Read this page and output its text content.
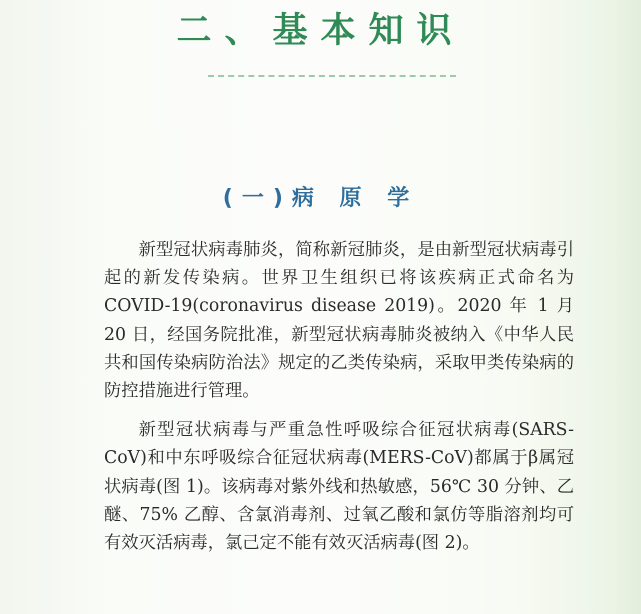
二、基本知识
(一)病 原 学

新型冠状病毒肺炎，简称新冠肺炎，是由新型冠状病毒引起的新发传染病。世界卫生组织已将该疾病正式命名为 COVID-19(coronavirus disease 2019)。2020 年 1 月 20 日，经国务院批准，新型冠状病毒肺炎被纳入《中华人民共和国传染病防治法》规定的乙类传染病，采取甲类传染病的防控措施进行管理。

新型冠状病毒与严重急性呼吸综合征冠状病毒(SARS-CoV)和中东呼吸综合征冠状病毒(MERS-CoV)都属于β属冠状病毒(图 1)。该病毒对紫外线和热敏感，56℃ 30 分钟、乙醚、75% 乙醇、含氯消毒剂、过氧乙酸和氯仿等脂溶剂均可有效灭活病毒，氯己定不能有效灭活病毒(图 2)。
